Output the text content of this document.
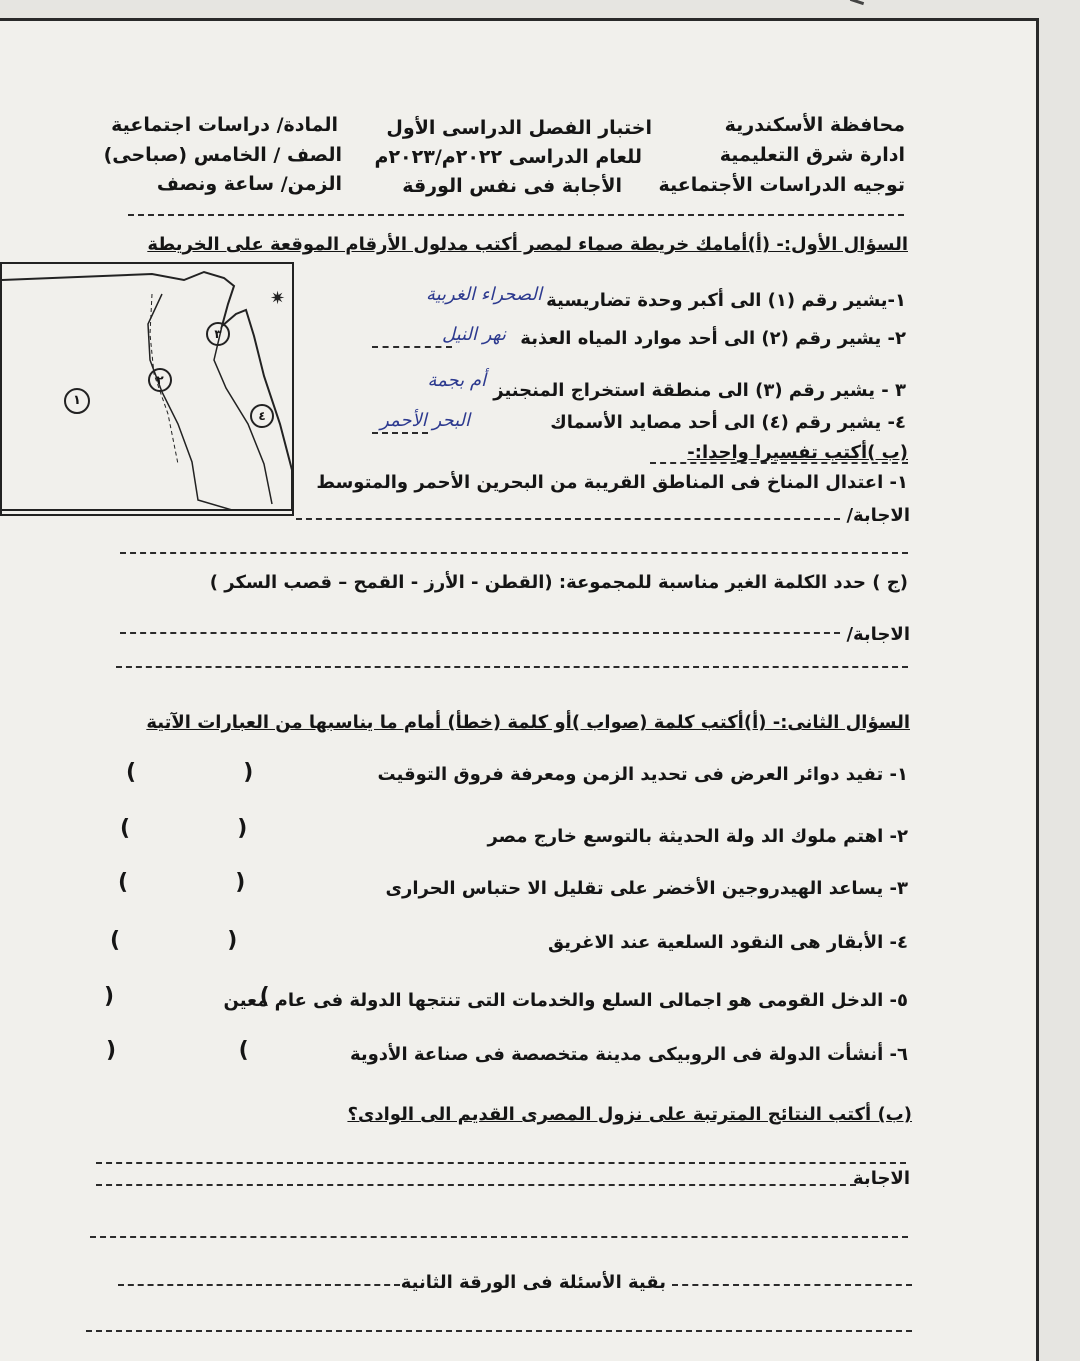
محافظة الأسكندرية
ادارة شرق التعليمية
توجيه الدراسات الأجتماعية
اختبار الفصل الدراسى الأول
للعام الدراسى ٢٠٢٢م/٢٠٢٣م
الأجابة فى نفس الورقة
المادة/ دراسات اجتماعية
الصف / الخامس (صباحى)
الزمن/ ساعة ونصف
السؤال الأول:- (أ)أمامك خريطة صماء لمصر أكتب مدلول الأرقام الموقعة على الخريطة
✷
١
٢
٣
٤
١-يشير رقم (١) الى أكبر وحدة تضاريسية
الصحراء الغربية
٢- يشير رقم (٢) الى أحد موارد المياه العذبة
نهر النيل
٣ - يشير رقم (٣) الى منطقة استخراج المنجنيز
أم بجمة
٤- يشير رقم (٤) الى أحد مصايد الأسماك
البحر الأحمر
(ب )أكتب تفسيرا واحدا:-
١- اعتدال المناخ فى المناطق القريبة من البحرين الأحمر والمتوسط
الاجابة/
(ج ) حدد الكلمة الغير مناسبة للمجموعة: (القطن - الأرز - القمح – قصب السكر )
الاجابة/
السؤال الثانى:- (أ)أكتب كلمة (صواب )أو كلمة (خطأ) أمام ما يناسبها من العبارات الآتية
١- تفيد دوائر العرض فى تحديد الزمن ومعرفة فروق التوقيت
(              )
٢- اهتم ملوك الد ولة الحديثة بالتوسع خارج مصر
(              )
٣- يساعد الهيدروجين الأخضر على تقليل الا حتباس الحرارى
(              )
٤- الأبقار هى النقود السلعية عند الاغريق
(              )
٥- الدخل القومى هو اجمالى السلع والخدمات التى تنتجها الدولة فى عام معين
)                   (
٦- أنشأت الدولة فى الروبيكى مدينة متخصصة فى صناعة الأدوية
)                (
(ب) أكتب النتائج المترتبة على نزول المصرى القديم الى الوادى؟
الاجابة
بقية الأسئلة فى الورقة الثانية
